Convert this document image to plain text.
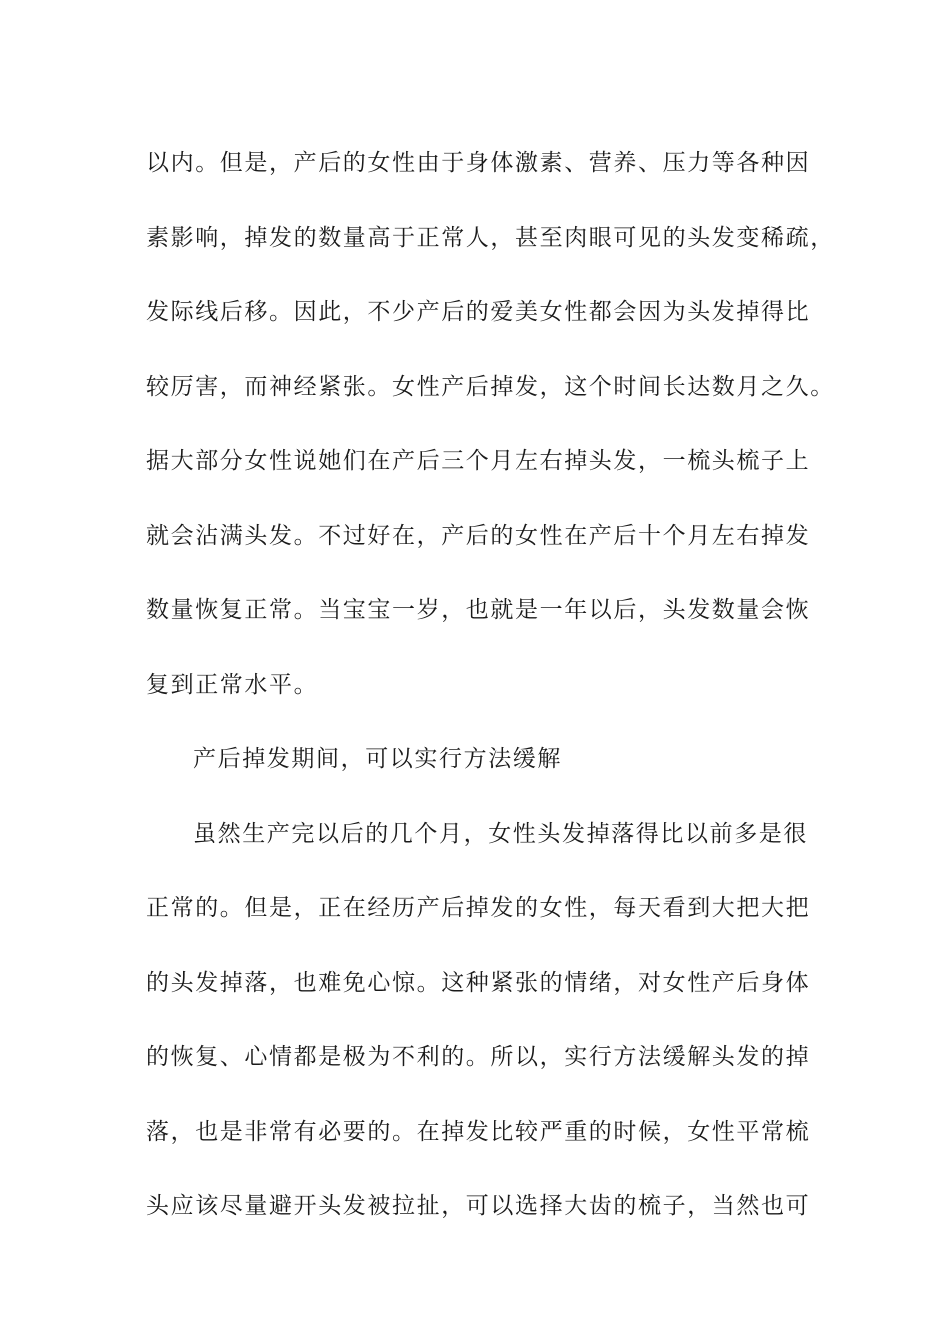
以内。但是，产后的女性由于身体激素、营养、压力等各种因
素影响，掉发的数量高于正常人，甚至肉眼可见的头发变稀疏，
发际线后移。因此，不少产后的爱美女性都会因为头发掉得比
较厉害，而神经紧张。女性产后掉发，这个时间长达数月之久。
据大部分女性说她们在产后三个月左右掉头发，一梳头梳子上
就会沾满头发。不过好在，产后的女性在产后十个月左右掉发
数量恢复正常。当宝宝一岁，也就是一年以后，头发数量会恢
复到正常水平。
产后掉发期间，可以实行方法缓解
虽然生产完以后的几个月，女性头发掉落得比以前多是很
正常的。但是，正在经历产后掉发的女性，每天看到大把大把
的头发掉落，也难免心惊。这种紧张的情绪，对女性产后身体
的恢复、心情都是极为不利的。所以，实行方法缓解头发的掉
落，也是非常有必要的。在掉发比较严重的时候，女性平常梳
头应该尽量避开头发被拉扯，可以选择大齿的梳子，当然也可
